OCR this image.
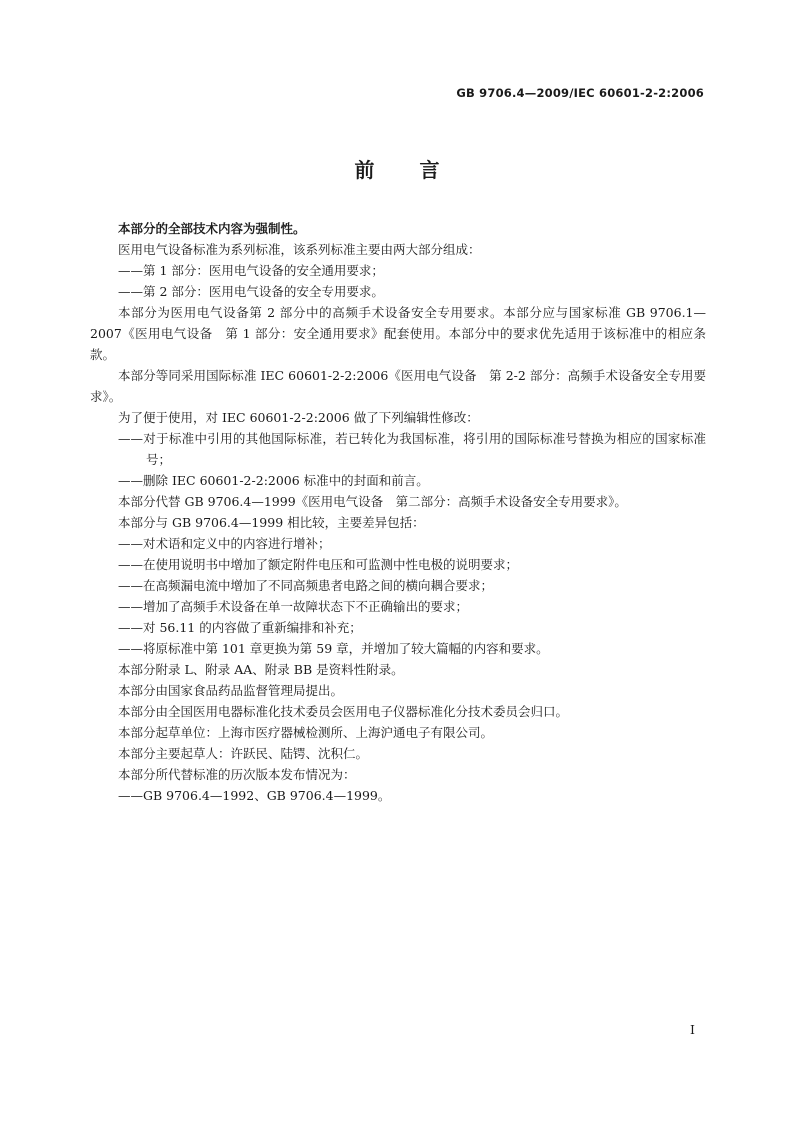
GB 9706.4—2009/IEC 60601-2-2:2006
前 言

本部分的全部技术内容为强制性。

医用电气设备标准为系列标准，该系列标准主要由两大部分组成：

——第 1 部分：医用电气设备的安全通用要求；

——第 2 部分：医用电气设备的安全专用要求。

本部分为医用电气设备第 2 部分中的高频手术设备安全专用要求。本部分应与国家标准 GB 9706.1—2007《医用电气设备　第 1 部分：安全通用要求》配套使用。本部分中的要求优先适用于该标准中的相应条款。

本部分等同采用国际标准 IEC 60601-2-2:2006《医用电气设备　第 2-2 部分：高频手术设备安全专用要求》。

为了便于使用，对 IEC 60601-2-2:2006 做了下列编辑性修改：

——对于标准中引用的其他国际标准，若已转化为我国标准，将引用的国际标准号替换为相应的国家标准号；

——删除 IEC 60601-2-2:2006 标准中的封面和前言。

本部分代替 GB 9706.4—1999《医用电气设备　第二部分：高频手术设备安全专用要求》。

本部分与 GB 9706.4—1999 相比较，主要差异包括：

——对术语和定义中的内容进行增补；

——在使用说明书中增加了额定附件电压和可监测中性电极的说明要求；

——在高频漏电流中增加了不同高频患者电路之间的横向耦合要求；

——增加了高频手术设备在单一故障状态下不正确输出的要求；

——对 56.11 的内容做了重新编排和补充；

——将原标准中第 101 章更换为第 59 章，并增加了较大篇幅的内容和要求。

本部分附录 L、附录 AA、附录 BB 是资料性附录。

本部分由国家食品药品监督管理局提出。

本部分由全国医用电器标准化技术委员会医用电子仪器标准化分技术委员会归口。

本部分起草单位：上海市医疗器械检测所、上海沪通电子有限公司。

本部分主要起草人：许跃民、陆锷、沈积仁。

本部分所代替标准的历次版本发布情况为：

——GB 9706.4—1992、GB 9706.4—1999。

I
